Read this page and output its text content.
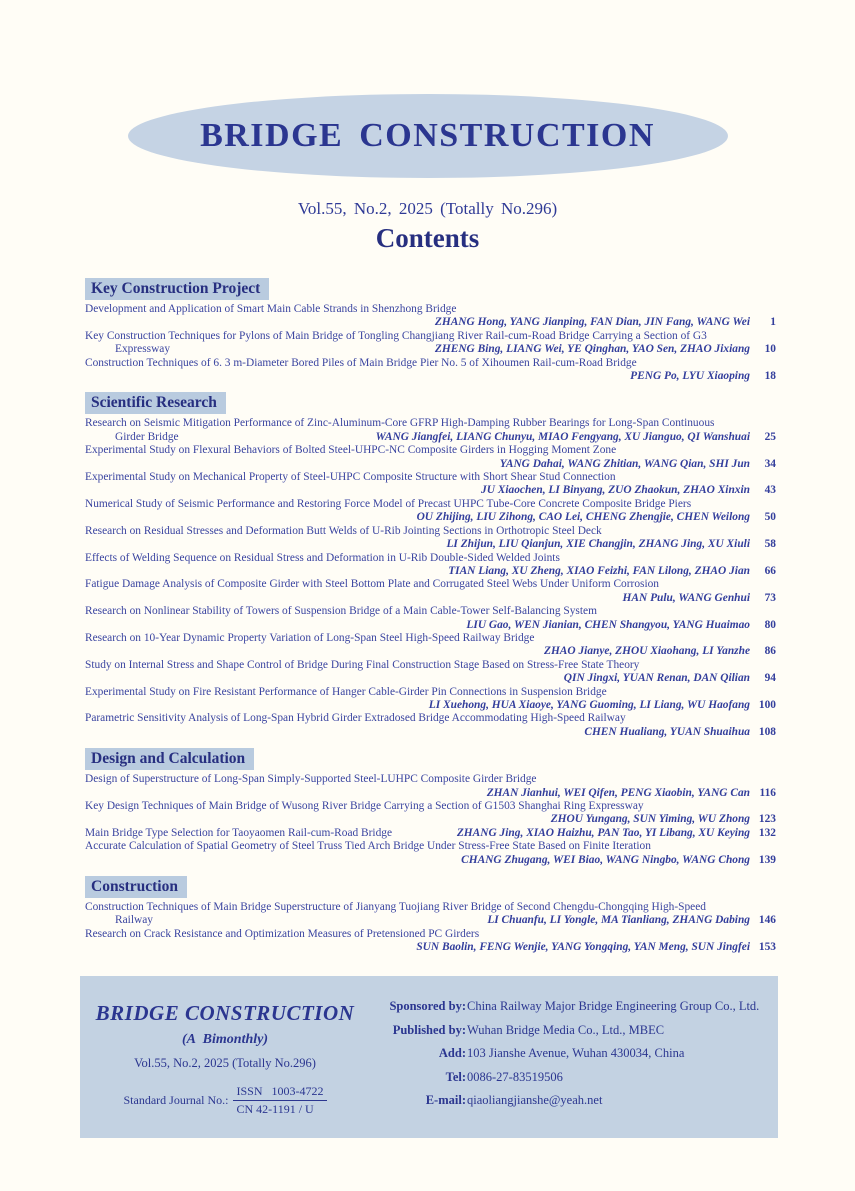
BRIDGE CONSTRUCTION
Vol.55, No.2, 2025 (Totally No.296)
Contents
Key Construction Project
Development and Application of Smart Main Cable Strands in Shenzhong Bridge
ZHANG Hong, YANG Jianping, FAN Dian, JIN Fang, WANG Wei	1
Key Construction Techniques for Pylons of Main Bridge of Tongling Changjiang River Rail-cum-Road Bridge Carrying a Section of G3
Expressway	ZHENG Bing, LIANG Wei, YE Qinghan, YAO Sen, ZHAO Jixiang	10
Construction Techniques of 6. 3 m-Diameter Bored Piles of Main Bridge Pier No. 5 of Xihoumen Rail-cum-Road Bridge
PENG Po, LYU Xiaoping	18
Scientific Research
Research on Seismic Mitigation Performance of Zinc-Aluminum-Core GFRP High-Damping Rubber Bearings for Long-Span Continuous
Girder Bridge	WANG Jiangfei, LIANG Chunyu, MIAO Fengyang, XU Jianguo, QI Wanshuai	25
Experimental Study on Flexural Behaviors of Bolted Steel-UHPC-NC Composite Girders in Hogging Moment Zone
YANG Dahai, WANG Zhitian, WANG Qian, SHI Jun	34
Experimental Study on Mechanical Property of Steel-UHPC Composite Structure with Short Shear Stud Connection
JU Xiaochen, LI Binyang, ZUO Zhaokun, ZHAO Xinxin	43
Numerical Study of Seismic Performance and Restoring Force Model of Precast UHPC Tube-Core Concrete Composite Bridge Piers
OU Zhijing, LIU Zihong, CAO Lei, CHENG Zhengjie, CHEN Weilong	50
Research on Residual Stresses and Deformation Butt Welds of U-Rib Jointing Sections in Orthotropic Steel Deck
LI Zhijun, LIU Qianjun, XIE Changjin, ZHANG Jing, XU Xiuli	58
Effects of Welding Sequence on Residual Stress and Deformation in U-Rib Double-Sided Welded Joints
TIAN Liang, XU Zheng, XIAO Feizhi, FAN Lilong, ZHAO Jian	66
Fatigue Damage Analysis of Composite Girder with Steel Bottom Plate and Corrugated Steel Webs Under Uniform Corrosion
HAN Pulu, WANG Genhui	73
Research on Nonlinear Stability of Towers of Suspension Bridge of a Main Cable-Tower Self-Balancing System
LIU Gao, WEN Jianian, CHEN Shangyou, YANG Huaimao	80
Research on 10-Year Dynamic Property Variation of Long-Span Steel High-Speed Railway Bridge
ZHAO Jianye, ZHOU Xiaohang, LI Yanzhe	86
Study on Internal Stress and Shape Control of Bridge During Final Construction Stage Based on Stress-Free State Theory
QIN Jingxi, YUAN Renan, DAN Qilian	94
Experimental Study on Fire Resistant Performance of Hanger Cable-Girder Pin Connections in Suspension Bridge
LI Xuehong, HUA Xiaoye, YANG Guoming, LI Liang, WU Haofang 100
Parametric Sensitivity Analysis of Long-Span Hybrid Girder Extradosed Bridge Accommodating High-Speed Railway
CHEN Hualiang, YUAN Shuaihua 108
Design and Calculation
Design of Superstructure of Long-Span Simply-Supported Steel-LUHPC Composite Girder Bridge
ZHAN Jianhui, WEI Qifen, PENG Xiaobin, YANG Can 116
Key Design Techniques of Main Bridge of Wusong River Bridge Carrying a Section of G1503 Shanghai Ring Expressway
ZHOU Yungang, SUN Yiming, WU Zhong 123
Main Bridge Type Selection for Taoyaomen Rail-cum-Road Bridge	ZHANG Jing, XIAO Haizhu, PAN Tao, YI Libang, XU Keying 132
Accurate Calculation of Spatial Geometry of Steel Truss Tied Arch Bridge Under Stress-Free State Based on Finite Iteration
CHANG Zhugang, WEI Biao, WANG Ningbo, WANG Chong 139
Construction
Construction Techniques of Main Bridge Superstructure of Jianyang Tuojiang River Bridge of Second Chengdu-Chongqing High-Speed
Railway	LI Chuanfu, LI Yongle, MA Tianliang, ZHANG Dabing 146
Research on Crack Resistance and Optimization Measures of Pretensioned PC Girders
SUN Baolin, FENG Wenjie, YANG Yongqing, YAN Meng, SUN Jingfei 153
BRIDGE CONSTRUCTION
(A Bimonthly)
Vol.55, No.2, 2025 (Totally No.296)
Standard Journal No.: $\frac{\text{ISSN 1003-4722}}{CN 42-1191 / U}$
Sponsored by: China Railway Major Bridge Engineering Group Co., Ltd.
Published by: Wuhan Bridge Media Co., Ltd., MBEC
Add: 103 Jianshe Avenue, Wuhan 430034, China
Tel: 0086-27-83519506
E-mail: qiaoliangjianshe@yeah.net
